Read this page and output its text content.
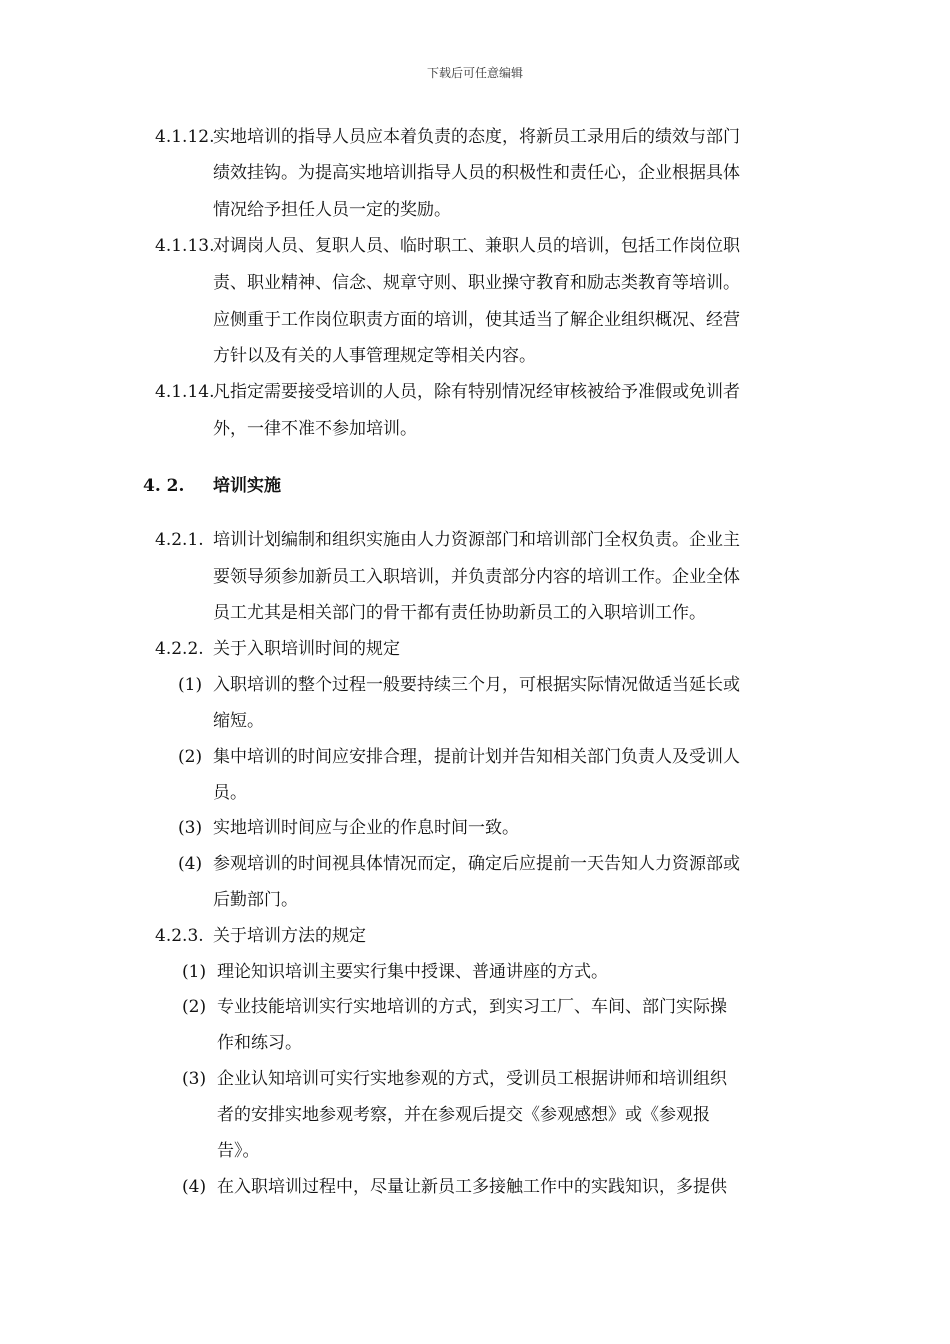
下载后可任意编辑
4.1.12.
实地培训的指导人员应本着负责的态度，将新员工录用后的绩效与部门
绩效挂钩。为提高实地培训指导人员的积极性和责任心，企业根据具体
情况给予担任人员一定的奖励。
4.1.13.
对调岗人员、复职人员、临时职工、兼职人员的培训，包括工作岗位职
责、职业精神、信念、规章守则、职业操守教育和励志类教育等培训。
应侧重于工作岗位职责方面的培训，使其适当了解企业组织概况、经营
方针以及有关的人事管理规定等相关内容。
4.1.14.
凡指定需要接受培训的人员，除有特别情况经审核被给予准假或免训者
外，一律不准不参加培训。
4. 2. 培训实施
4.2.1. 培训计划编制和组织实施由人力资源部门和培训部门全权负责。企业主
要领导须参加新员工入职培训，并负责部分内容的培训工作。企业全体
员工尤其是相关部门的骨干都有责任协助新员工的入职培训工作。
4.2.2. 关于入职培训时间的规定
(1) 入职培训的整个过程一般要持续三个月，可根据实际情况做适当延长或
缩短。
(2) 集中培训的时间应安排合理，提前计划并告知相关部门负责人及受训人
员。
(3) 实地培训时间应与企业的作息时间一致。
(4) 参观培训的时间视具体情况而定，确定后应提前一天告知人力资源部或
后勤部门。
4.2.3. 关于培训方法的规定
(1) 理论知识培训主要实行集中授课、普通讲座的方式。
(2) 专业技能培训实行实地培训的方式，到实习工厂、车间、部门实际操
作和练习。
(3) 企业认知培训可实行实地参观的方式，受训员工根据讲师和培训组织
者的安排实地参观考察，并在参观后提交《参观感想》或《参观报
告》。
(4) 在入职培训过程中，尽量让新员工多接触工作中的实践知识，多提供
